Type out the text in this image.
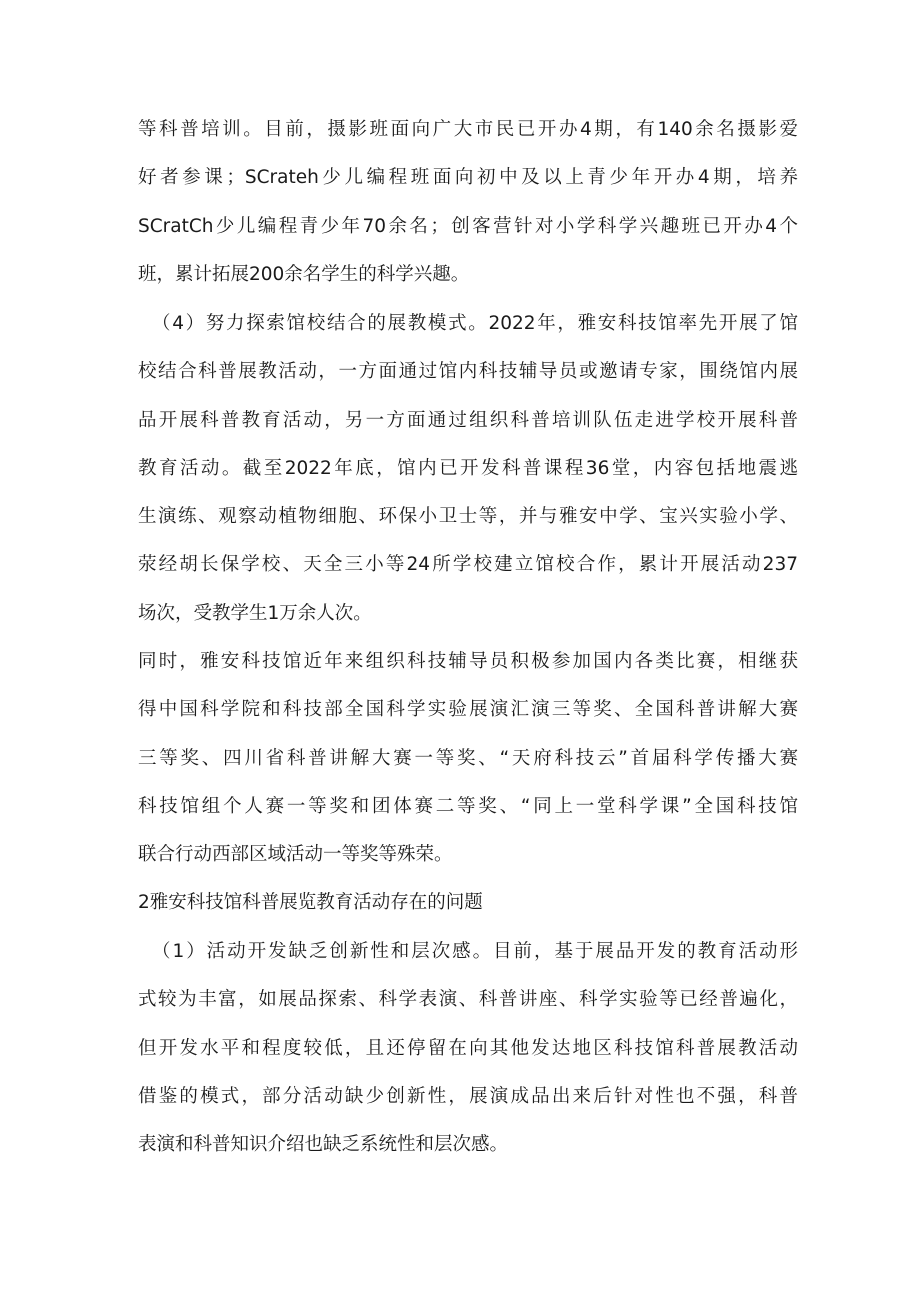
等科普培训。目前，摄影班面向广大市民已开办4期，有140余名摄影爱
好者参课；SCrateh少儿编程班面向初中及以上青少年开办4期，培养
SCratCh少儿编程青少年70余名；创客营针对小学科学兴趣班已开办4个
班，累计拓展200余名学生的科学兴趣。
（4）努力探索馆校结合的展教模式。2022年，雅安科技馆率先开展了馆
校结合科普展教活动，一方面通过馆内科技辅导员或邀请专家，围绕馆内展
品开展科普教育活动，另一方面通过组织科普培训队伍走进学校开展科普
教育活动。截至2022年底，馆内已开发科普课程36堂，内容包括地震逃
生演练、观察动植物细胞、环保小卫士等，并与雅安中学、宝兴实验小学、
荥经胡长保学校、天全三小等24所学校建立馆校合作，累计开展活动237
场次，受教学生1万余人次。
同时，雅安科技馆近年来组织科技辅导员积极参加国内各类比赛，相继获
得中国科学院和科技部全国科学实验展演汇演三等奖、全国科普讲解大赛
三等奖、四川省科普讲解大赛一等奖、“天府科技云”首届科学传播大赛
科技馆组个人赛一等奖和团体赛二等奖、“同上一堂科学课”全国科技馆
联合行动西部区域活动一等奖等殊荣。
2雅安科技馆科普展览教育活动存在的问题
（1）活动开发缺乏创新性和层次感。目前，基于展品开发的教育活动形
式较为丰富，如展品探索、科学表演、科普讲座、科学实验等已经普遍化，
但开发水平和程度较低，且还停留在向其他发达地区科技馆科普展教活动
借鉴的模式，部分活动缺少创新性，展演成品出来后针对性也不强，科普
表演和科普知识介绍也缺乏系统性和层次感。
